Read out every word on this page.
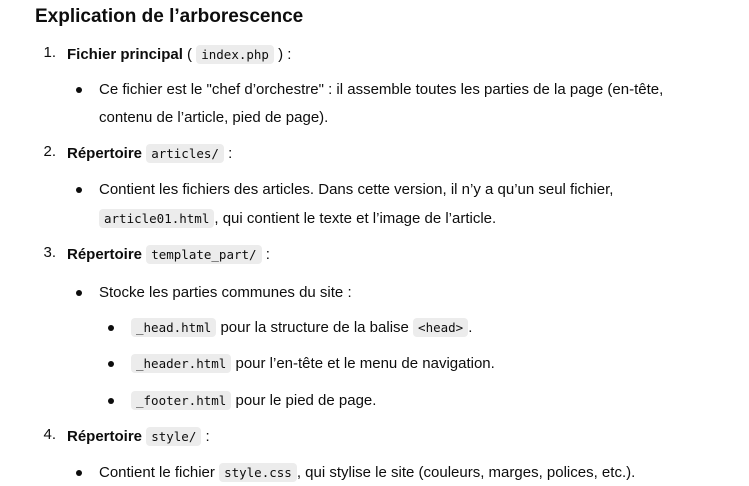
Explication de l’arborescence
1. Fichier principal ( index.php ) :
Ce fichier est le "chef d’orchestre" : il assemble toutes les parties de la page (en-tête,
contenu de l’article, pied de page).
2. Répertoire articles/ :
Contient les fichiers des articles. Dans cette version, il n’y a qu’un seul fichier,
article01.html , qui contient le texte et l’image de l’article.
3. Répertoire template_part/ :
Stocke les parties communes du site :
_head.html pour la structure de la balise <head> .
_header.html pour l’en-tête et le menu de navigation.
_footer.html pour le pied de page.
4. Répertoire style/ :
Contient le fichier style.css , qui stylise le site (couleurs, marges, polices, etc.).
